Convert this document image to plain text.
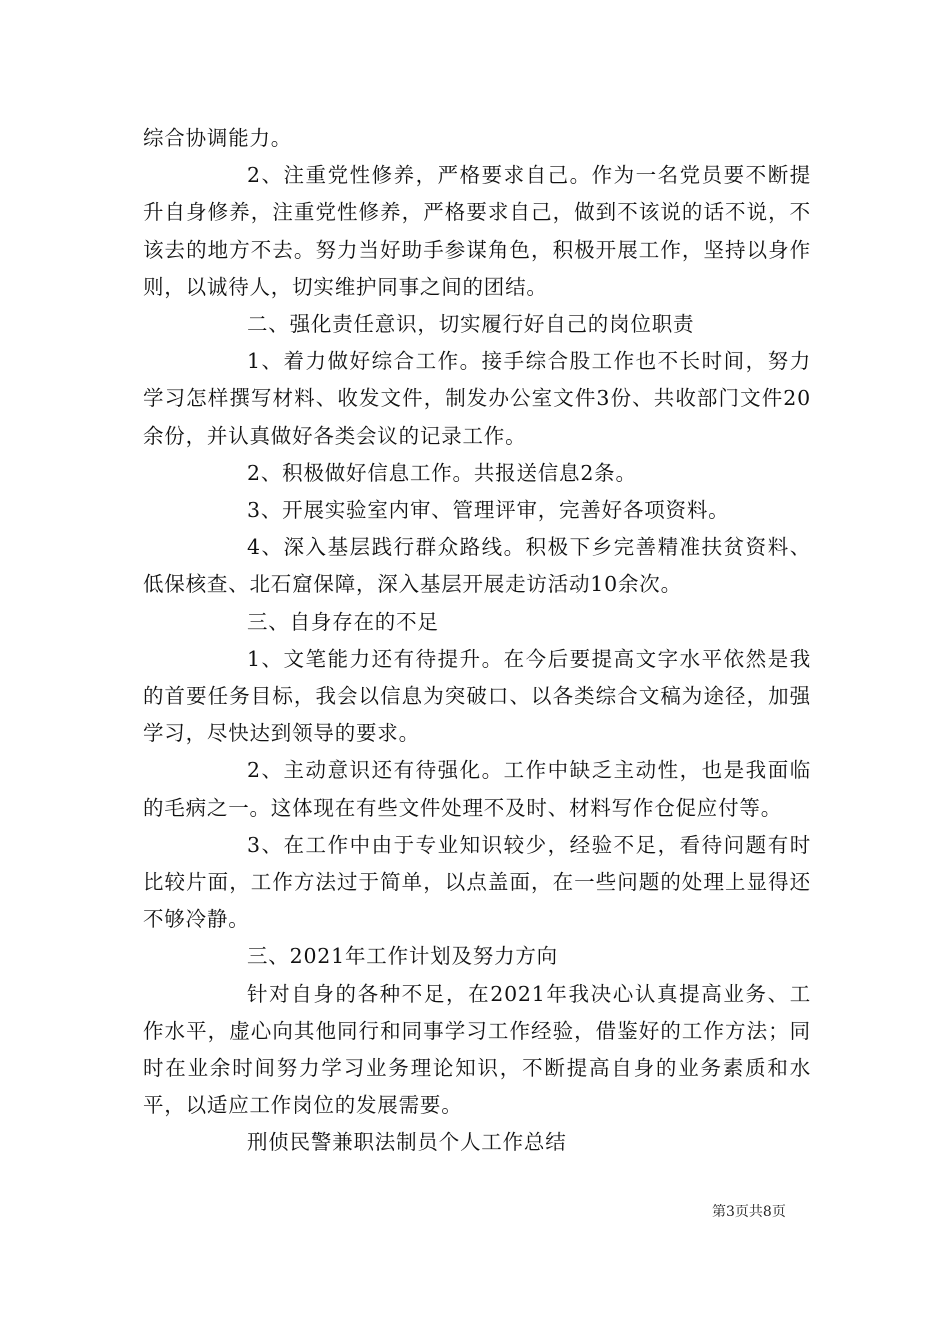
综合协调能力。

2、注重党性修养，严格要求自己。作为一名党员要不断提升自身修养，注重党性修养，严格要求自己，做到不该说的话不说，不该去的地方不去。努力当好助手参谋角色，积极开展工作，坚持以身作则，以诚待人，切实维护同事之间的团结。

二、强化责任意识，切实履行好自己的岗位职责

1、着力做好综合工作。接手综合股工作也不长时间，努力学习怎样撰写材料、收发文件，制发办公室文件3份、共收部门文件20余份，并认真做好各类会议的记录工作。

2、积极做好信息工作。共报送信息2条。

3、开展实验室内审、管理评审，完善好各项资料。

4、深入基层践行群众路线。积极下乡完善精准扶贫资料、低保核查、北石窟保障，深入基层开展走访活动10余次。

三、自身存在的不足

1、文笔能力还有待提升。在今后要提高文字水平依然是我的首要任务目标，我会以信息为突破口、以各类综合文稿为途径，加强学习，尽快达到领导的要求。

2、主动意识还有待强化。工作中缺乏主动性，也是我面临的毛病之一。这体现在有些文件处理不及时、材料写作仓促应付等。

3、在工作中由于专业知识较少，经验不足，看待问题有时比较片面，工作方法过于简单，以点盖面，在一些问题的处理上显得还不够冷静。

三、2021年工作计划及努力方向

针对自身的各种不足，在2021年我决心认真提高业务、工作水平，虚心向其他同行和同事学习工作经验，借鉴好的工作方法；同时在业余时间努力学习业务理论知识，不断提高自身的业务素质和水平，以适应工作岗位的发展需要。

刑侦民警兼职法制员个人工作总结

第3页共8页
